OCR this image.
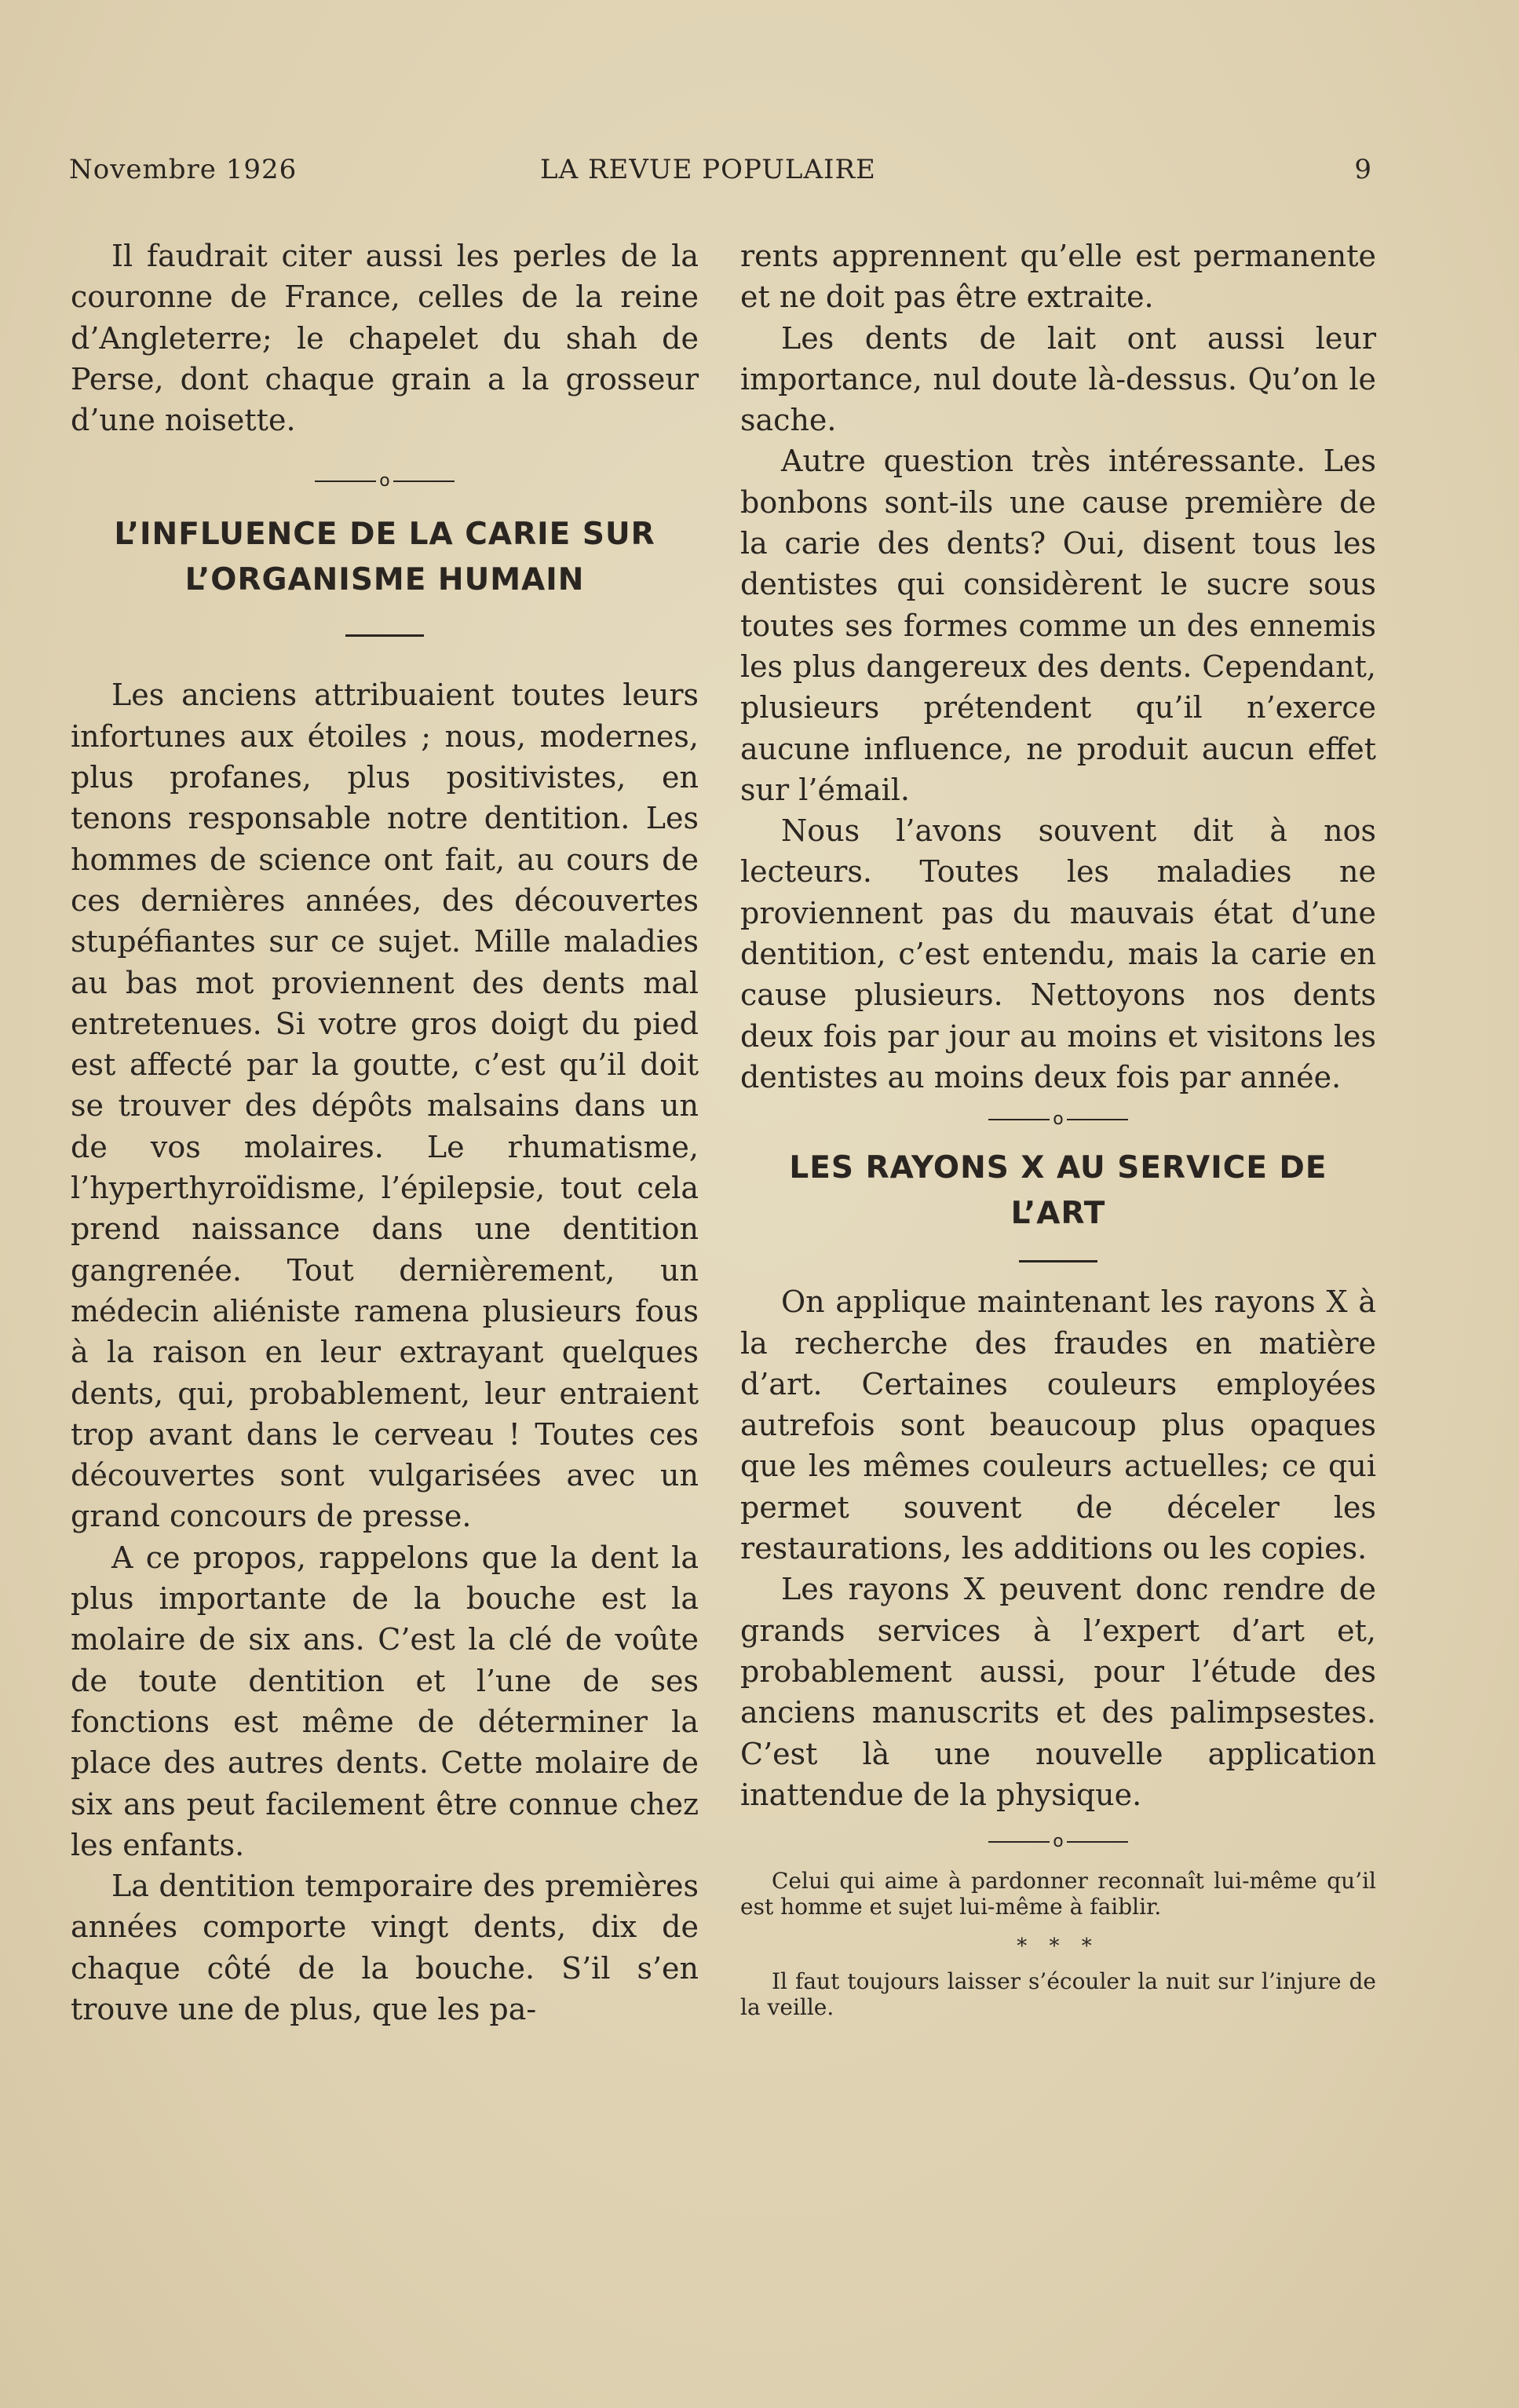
Novembre 1926	LA REVUE POPULAIRE	9

Il faudrait citer aussi les perles de la couronne de France, celles de la reine d’Angleterre; le chapelet du shah de Perse, dont chaque grain a la grosseur d’une noisette.

o
L’INFLUENCE DE LA CARIE SUR L’ORGANISME HUMAIN

Les anciens attribuaient toutes leurs infortunes aux étoiles ; nous, modernes, plus profanes, plus positivistes, en tenons responsable notre dentition. Les hommes de science ont fait, au cours de ces dernières années, des découvertes stupéfiantes sur ce sujet. Mille maladies au bas mot proviennent des dents mal entretenues. Si votre gros doigt du pied est affecté par la goutte, c’est qu’il doit se trouver des dépôts malsains dans un de vos molaires. Le rhumatisme, l’hyperthyroïdisme, l’épilepsie, tout cela prend naissance dans une dentition gangrenée. Tout dernièrement, un médecin aliéniste ramena plusieurs fous à la raison en leur extrayant quelques dents, qui, probablement, leur entraient trop avant dans le cerveau ! Toutes ces découvertes sont vulgarisées avec un grand concours de presse.

A ce propos, rappelons que la dent la plus importante de la bouche est la molaire de six ans. C’est la clé de voûte de toute dentition et l’une de ses fonctions est même de déterminer la place des autres dents. Cette molaire de six ans peut facilement être connue chez les enfants.

La dentition temporaire des premières années comporte vingt dents, dix de chaque côté de la bouche. S’il s’en trouve une de plus, que les pa-

rents apprennent qu’elle est permanente et ne doit pas être extraite.

Les dents de lait ont aussi leur importance, nul doute là-dessus. Qu’on le sache.

Autre question très intéressante. Les bonbons sont-ils une cause première de la carie des dents? Oui, disent tous les dentistes qui considèrent le sucre sous toutes ses formes comme un des ennemis les plus dangereux des dents. Cependant, plusieurs prétendent qu’il n’exerce aucune influence, ne produit aucun effet sur l’émail.

Nous l’avons souvent dit à nos lecteurs. Toutes les maladies ne proviennent pas du mauvais état d’une dentition, c’est entendu, mais la carie en cause plusieurs. Nettoyons nos dents deux fois par jour au moins et visitons les dentistes au moins deux fois par année.

o
LES RAYONS X AU SERVICE DE L’ART

On applique maintenant les rayons X à la recherche des fraudes en matière d’art. Certaines couleurs employées autrefois sont beaucoup plus opaques que les mêmes couleurs actuelles; ce qui permet souvent de déceler les restaurations, les additions ou les copies.

Les rayons X peuvent donc rendre de grands services à l’expert d’art et, probablement aussi, pour l’étude des anciens manuscrits et des palimpsestes. C’est là une nouvelle application inattendue de la physique.

o

Celui qui aime à pardonner reconnaît lui-même qu’il est homme et sujet lui-même à faiblir.

* * *

Il faut toujours laisser s’écouler la nuit sur l’injure de la veille.
